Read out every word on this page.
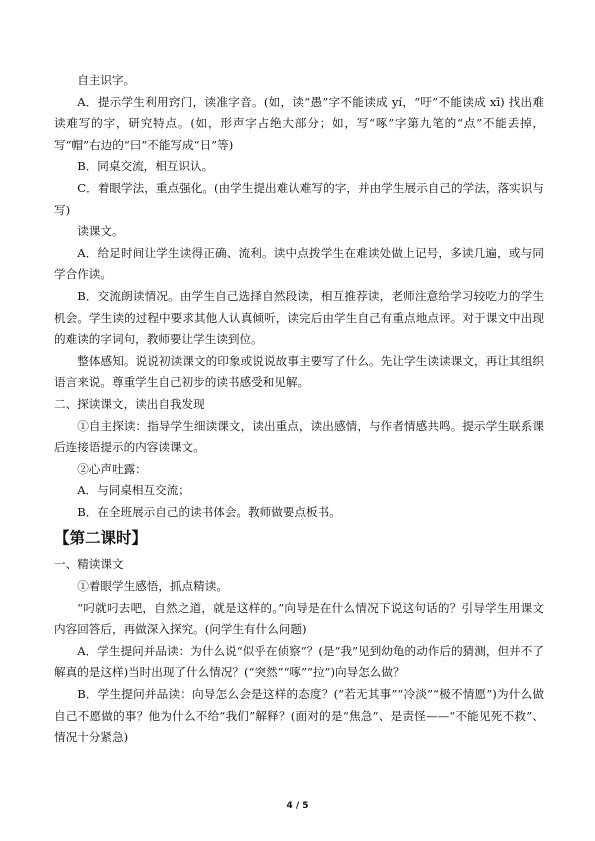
自主识字。

A．提示学生利用窍门，读准字音。(如，读“愚”字不能读成 yí，“吁”不能读成 xī) 找出难读难写的字，研究特点。(如，形声字占绝大部分；如，写“啄”字第九笔的“点”不能丢掉，写“帽”右边的“曰”不能写成“日”等)

B．同桌交流，相互识认。

C．着眼学法，重点强化。(由学生提出难认难写的字，并由学生展示自己的学法，落实识与写)

读课文。

A．给足时间让学生读得正确、流利。读中点拨学生在难读处做上记号，多读几遍，或与同学合作读。

B．交流朗读情况。由学生自己选择自然段读，相互推荐读，老师注意给学习较吃力的学生机会。学生读的过程中要求其他人认真倾听，读完后由学生自己有重点地点评。对于课文中出现的难读的字词句，教师要让学生读到位。

整体感知。说说初读课文的印象或说说故事主要写了什么。先让学生读读课文，再让其组织语言来说。尊重学生自己初步的读书感受和见解。

二、探读课文，读出自我发现

①自主探读：指导学生细读课文，读出重点，读出感情，与作者情感共鸣。提示学生联系课后连接语提示的内容读课文。

②心声吐露：

A．与同桌相互交流；

B．在全班展示自己的读书体会。教师做要点板书。

【第二课时】

一、精读课文

①着眼学生感悟，抓点精读。

“叼就叼去吧，自然之道，就是这样的。”向导是在什么情况下说这句话的？引导学生用课文内容回答后，再做深入探究。(问学生有什么问题)

A．学生提问并品读：为什么说“似乎在侦察”？(是“我”见到幼龟的动作后的猜测，但并不了解真的是这样)当时出现了什么情况？(“突然”“啄”“拉”)向导怎么做？

B．学生提问并品读：向导怎么会是这样的态度？(“若无其事”“冷淡”“极不情愿”)为什么做自己不愿做的事？他为什么不给“我们”解释？(面对的是“焦急”、是责怪——“不能见死不救”、情况十分紧急)

4 / 5
